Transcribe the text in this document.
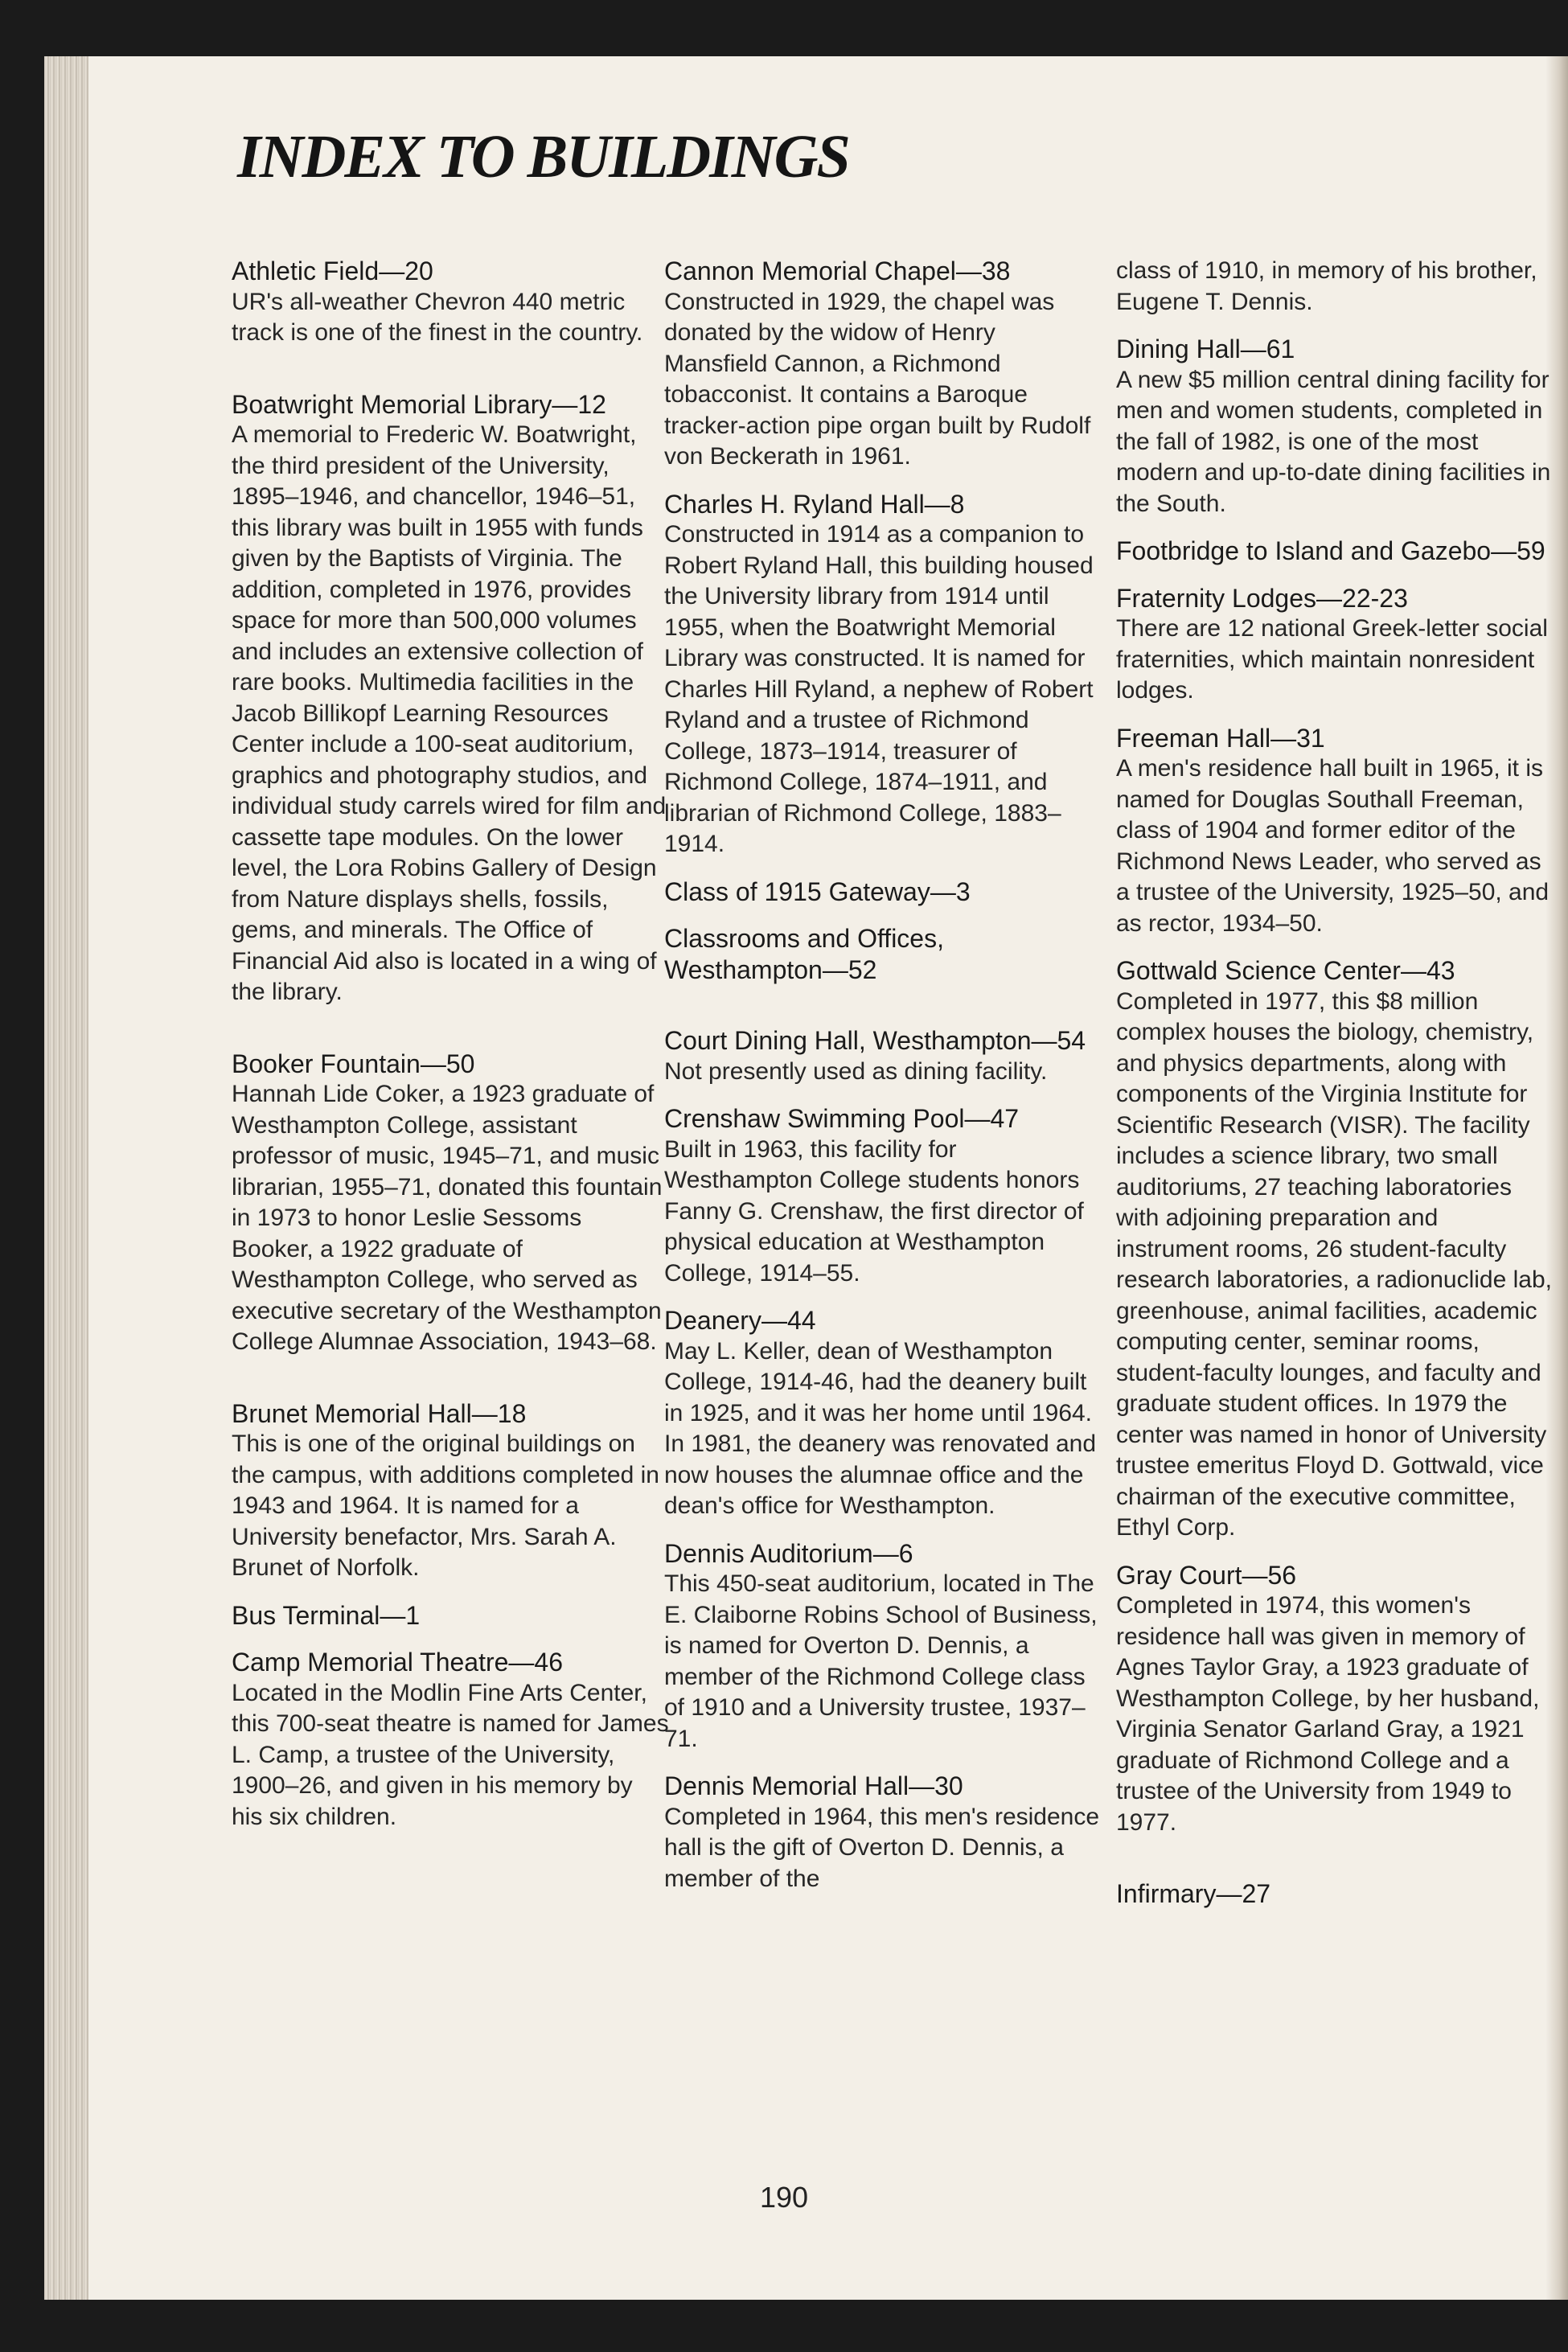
INDEX TO BUILDINGS

Athletic Field—20

UR's all-weather Chevron 440 metric track is one of the finest in the country.

Boatwright Memorial Library—12

A memorial to Frederic W. Boatwright, the third president of the University, 1895–1946, and chancellor, 1946–51, this library was built in 1955 with funds given by the Baptists of Virginia. The addition, completed in 1976, provides space for more than 500,000 volumes and includes an extensive collection of rare books. Multimedia facilities in the Jacob Billikopf Learning Resources Center include a 100-seat auditorium, graphics and photography studios, and individual study carrels wired for film and cassette tape modules. On the lower level, the Lora Robins Gallery of Design from Nature displays shells, fossils, gems, and minerals. The Office of Financial Aid also is located in a wing of the library.

Booker Fountain—50

Hannah Lide Coker, a 1923 graduate of Westhampton College, assistant professor of music, 1945–71, and music librarian, 1955–71, donated this fountain in 1973 to honor Leslie Sessoms Booker, a 1922 graduate of Westhampton College, who served as executive secretary of the Westhampton College Alumnae Association, 1943–68.

Brunet Memorial Hall—18

This is one of the original buildings on the campus, with additions completed in 1943 and 1964. It is named for a University benefactor, Mrs. Sarah A. Brunet of Norfolk.

Bus Terminal—1

Camp Memorial Theatre—46

Located in the Modlin Fine Arts Center, this 700-seat theatre is named for James L. Camp, a trustee of the University, 1900–26, and given in his memory by his six children.

Cannon Memorial Chapel—38

Constructed in 1929, the chapel was donated by the widow of Henry Mansfield Cannon, a Richmond tobacconist. It contains a Baroque tracker-action pipe organ built by Rudolf von Beckerath in 1961.

Charles H. Ryland Hall—8

Constructed in 1914 as a companion to Robert Ryland Hall, this building housed the University library from 1914 until 1955, when the Boatwright Memorial Library was constructed. It is named for Charles Hill Ryland, a nephew of Robert Ryland and a trustee of Richmond College, 1873–1914, treasurer of Richmond College, 1874–1911, and librarian of Richmond College, 1883–1914.

Class of 1915 Gateway—3

Classrooms and Offices, Westhampton—52

Court Dining Hall, Westhampton—54

Not presently used as dining facility.

Crenshaw Swimming Pool—47

Built in 1963, this facility for Westhampton College students honors Fanny G. Crenshaw, the first director of physical education at Westhampton College, 1914–55.

Deanery—44

May L. Keller, dean of Westhampton College, 1914-46, had the deanery built in 1925, and it was her home until 1964. In 1981, the deanery was renovated and now houses the alumnae office and the dean's office for Westhampton.

Dennis Auditorium—6

This 450-seat auditorium, located in The E. Claiborne Robins School of Business, is named for Overton D. Dennis, a member of the Richmond College class of 1910 and a University trustee, 1937–71.

Dennis Memorial Hall—30

Completed in 1964, this men's residence hall is the gift of Overton D. Dennis, a member of the

class of 1910, in memory of his brother, Eugene T. Dennis.

Dining Hall—61

A new $5 million central dining facility for men and women students, completed in the fall of 1982, is one of the most modern and up-to-date dining facilities in the South.

Footbridge to Island and Gazebo—59

Fraternity Lodges—22-23

There are 12 national Greek-letter social fraternities, which maintain nonresident lodges.

Freeman Hall—31

A men's residence hall built in 1965, it is named for Douglas Southall Freeman, class of 1904 and former editor of the Richmond News Leader, who served as a trustee of the University, 1925–50, and as rector, 1934–50.

Gottwald Science Center—43

Completed in 1977, this $8 million complex houses the biology, chemistry, and physics departments, along with components of the Virginia Institute for Scientific Research (VISR). The facility includes a science library, two small auditoriums, 27 teaching laboratories with adjoining preparation and instrument rooms, 26 student-faculty research laboratories, a radionuclide lab, greenhouse, animal facilities, academic computing center, seminar rooms, student-faculty lounges, and faculty and graduate student offices. In 1979 the center was named in honor of University trustee emeritus Floyd D. Gottwald, vice chairman of the executive committee, Ethyl Corp.

Gray Court—56

Completed in 1974, this women's residence hall was given in memory of Agnes Taylor Gray, a 1923 graduate of Westhampton College, by her husband, Virginia Senator Garland Gray, a 1921 graduate of Richmond College and a trustee of the University from 1949 to 1977.

Infirmary—27

190
